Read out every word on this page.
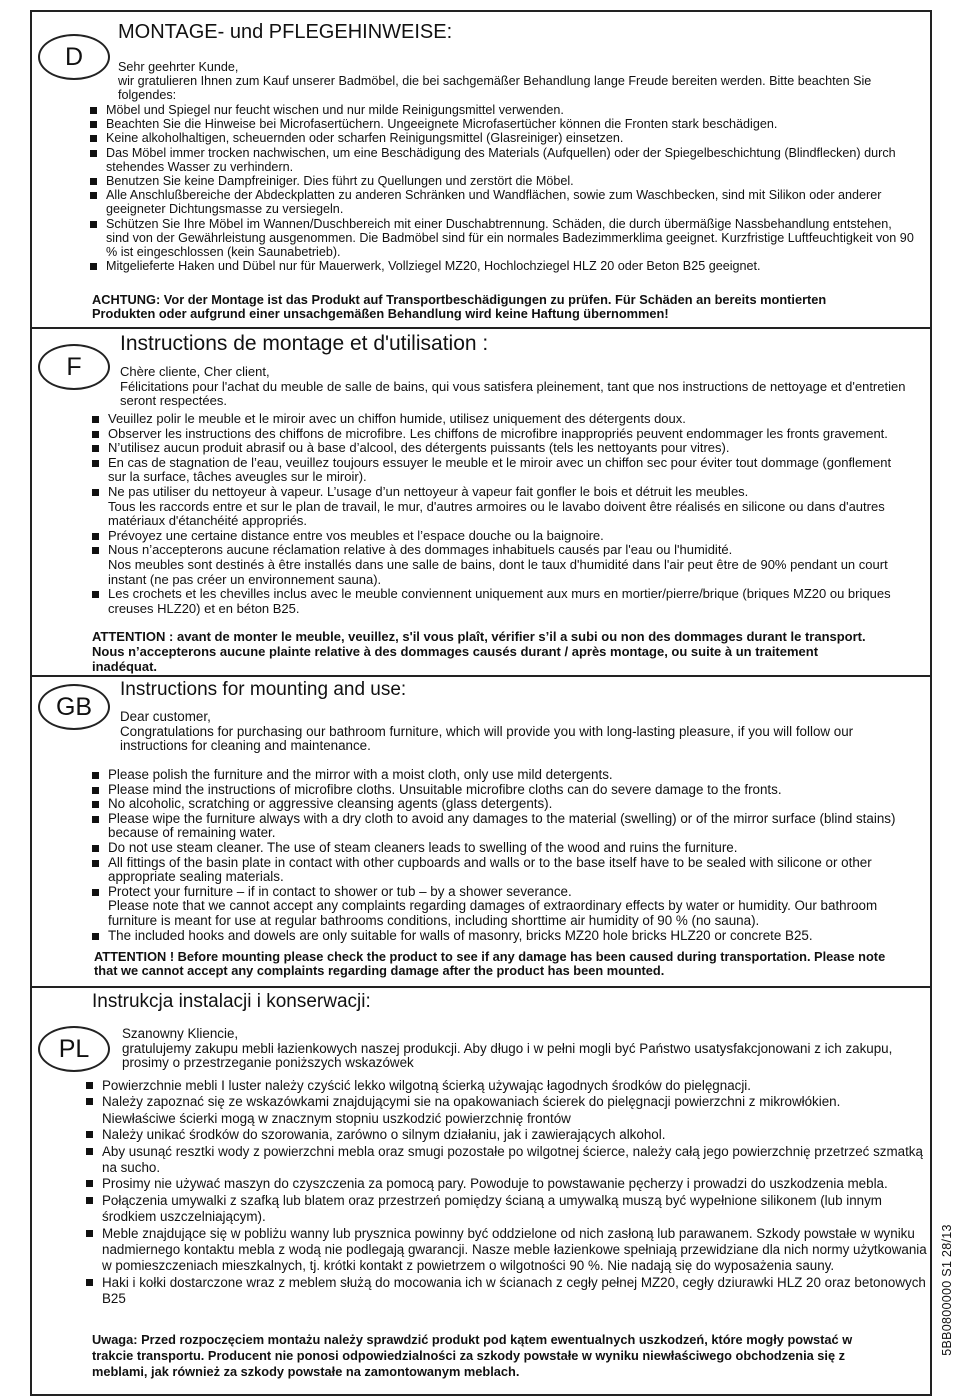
D
MONTAGE- und PFLEGEHINWEISE:

Sehr geehrter Kunde,

wir gratulieren Ihnen zum Kauf unserer Badmöbel, die bei sachgemäßer Behandlung lange Freude bereiten werden. Bitte beachten Sie folgendes:

Möbel und Spiegel nur feucht wischen und nur milde Reinigungsmittel verwenden.
Beachten Sie die Hinweise bei Microfasertüchern. Ungeeignete Microfasertücher können die Fronten stark beschädigen.
Keine alkoholhaltigen, scheuernden oder scharfen Reinigungsmittel (Glasreiniger) einsetzen.
Das Möbel immer trocken nachwischen, um eine Beschädigung des Materials (Aufquellen) oder der Spiegelbeschichtung (Blindflecken) durch stehendes Wasser zu verhindern.
Benutzen Sie keine Dampfreiniger. Dies führt zu Quellungen und zerstört die Möbel.
Alle Anschlußbereiche der Abdeckplatten zu anderen Schränken und Wandflächen, sowie zum Waschbecken, sind mit Silikon oder anderer geeigneter Dichtungsmasse zu versiegeln.
Schützen Sie Ihre Möbel im Wannen/Duschbereich mit einer Duschabtrennung. Schäden, die durch übermäßige Nassbehandlung entstehen, sind von der Gewährleistung ausgenommen. Die Badmöbel sind für ein normales Badezimmerklima geeignet. Kurzfristige Luftfeuchtigkeit von 90 % ist eingeschlossen (kein Saunabetrieb).
Mitgelieferte Haken und Dübel nur für Mauerwerk, Vollziegel MZ20, Hochlochziegel HLZ 20 oder Beton B25 geeignet.
ACHTUNG: Vor der Montage ist das Produkt auf Transportbeschädigungen zu prüfen. Für Schäden an bereits montierten Produkten oder aufgrund einer unsachgemäßen Behandlung wird keine Haftung übernommen!
F
Instructions de montage et d'utilisation :

Chère cliente, Cher client,

Félicitations pour l'achat du meuble de salle de bains, qui vous satisfera pleinement, tant que nos instructions de nettoyage et d'entretien seront respectées.

Veuillez polir le meuble et le miroir avec un chiffon humide, utilisez uniquement des détergents doux.
Observer les instructions des chiffons de microfibre. Les chiffons de microfibre inappropriés peuvent endommager les fronts gravement.
N’utilisez aucun produit abrasif ou à base d’alcool, des détergents puissants (tels les nettoyants pour vitres).
En cas de stagnation de l’eau, veuillez toujours essuyer le meuble et le miroir avec un chiffon sec pour éviter tout dommage (gonflement sur la surface, tâches aveugles sur le miroir).
Ne pas utiliser du nettoyeur à vapeur. L’usage d’un nettoyeur à vapeur fait gonfler le bois et détruit les meubles.
Tous les raccords entre et sur le plan de travail, le mur, d'autres armoires ou le lavabo doivent être réalisés en silicone ou dans d'autres matériaux d'étanchéité appropriés.
Prévoyez une certaine distance entre vos meubles et l’espace douche ou la baignoire.
Nous n’accepterons aucune réclamation relative à des dommages inhabituels causés par l'eau ou l'humidité.
Nos meubles sont destinés à être installés dans une salle de bains, dont le taux d'humidité dans l'air peut être de 90% pendant un court instant (ne pas créer un environnement sauna).
Les crochets et les chevilles inclus avec le meuble conviennent uniquement aux murs en mortier/pierre/brique (briques MZ20 ou briques creuses HLZ20) et en béton B25.
ATTENTION : avant de monter le meuble, veuillez, s'il vous plaît, vérifier s’il a subi ou non des dommages durant le transport. Nous n’accepterons aucune plainte relative à des dommages causés durant / après montage, ou suite à un traitement inadéquat.
GB
Instructions for mounting and use:

Dear customer,

Congratulations for purchasing our bathroom furniture, which will provide you with long-lasting pleasure, if you will follow our instructions for cleaning and maintenance.

Please polish the furniture and the mirror with a moist cloth, only use mild detergents.
Please mind the instructions of microfibre cloths. Unsuitable microfibre cloths can do severe damage to the fronts.
No alcoholic, scratching or aggressive cleansing agents (glass detergents).
Please wipe the furniture always with a dry cloth to avoid any damages to the material (swelling) or of the mirror surface (blind stains) because of remaining water.
Do not use steam cleaner. The use of steam cleaners leads to swelling of the wood and ruins the furniture.
All fittings of the basin plate in contact with other cupboards and walls or to the base itself have to be sealed with silicone or other appropriate sealing materials.
Protect your furniture – if in contact to shower or tub – by a shower severance.
Please note that we cannot accept any complaints regarding damages of extraordinary effects by water or humidity. Our bathroom furniture is meant for use at regular bathrooms conditions, including shorttime air humidity of 90 % (no sauna).
The included hooks and dowels are only suitable for walls of masonry, bricks MZ20 hole bricks HLZ20 or concrete B25.
ATTENTION ! Before mounting please check the product to see if any damage has been caused during transportation. Please note that we cannot accept any complaints regarding damage after the product has been mounted.
PL
Instrukcja instalacji i konserwacji:

Szanowny Kliencie,

gratulujemy zakupu mebli łazienkowych naszej produkcji. Aby długo i w pełni mogli być Państwo usatysfakcjonowani z ich zakupu, prosimy o przestrzeganie poniższych wskazówek

Powierzchnie mebli I luster należy czyścić lekko wilgotną ścierką używając łagodnych środków do pielęgnacji.
Należy zapoznać się ze wskazówkami znajdującymi sie na opakowaniach ścierek do pielęgnacji powierzchni z mikrowłókien.
Niewłaściwe ścierki mogą w znacznym stopniu uszkodzić powierzchnię frontów
Należy unikać środków do szorowania, zarówno o silnym działaniu, jak i zawierających alkohol.
Aby usunąć resztki wody z powierzchni mebla oraz smugi pozostałe po wilgotnej ścierce, należy całą jego powierzchnię przetrzeć szmatką na sucho.
Prosimy nie używać maszyn do czyszczenia za pomocą pary. Powoduje to powstawanie pęcherzy i prowadzi do uszkodzenia mebla.
Połączenia umywalki z szafką lub blatem oraz przestrzeń pomiędzy ścianą a umywalką muszą być wypełnione silikonem (lub innym środkiem uszczelniającym).
Meble znajdujące się w pobliżu wanny lub prysznica powinny być oddzielone od nich zasłoną lub parawanem. Szkody powstałe w wyniku nadmiernego kontaktu mebla z wodą nie podlegają gwarancji. Nasze meble łazienkowe spełniają przewidziane dla nich normy użytkowania w pomieszczeniach mieszkalnych, tj. krótki kontakt z powietrzem o wilgotności 90 %. Nie nadają się do wyposażenia sauny.
Haki i kołki dostarczone wraz z meblem służą do mocowania ich w ścianach z cegły pełnej MZ20, cegły dziurawki HLZ 20 oraz betonowych B25
Uwaga: Przed rozpoczęciem montażu należy sprawdzić produkt pod kątem ewentualnych uszkodzeń, które mogły powstać w trakcie transportu. Producent nie ponosi odpowiedzialności za szkody powstałe w wyniku niewłaściwego obchodzenia się z meblami, jak również za szkody powstałe na zamontowanym meblach.
5BB0800000 S1 28/13
